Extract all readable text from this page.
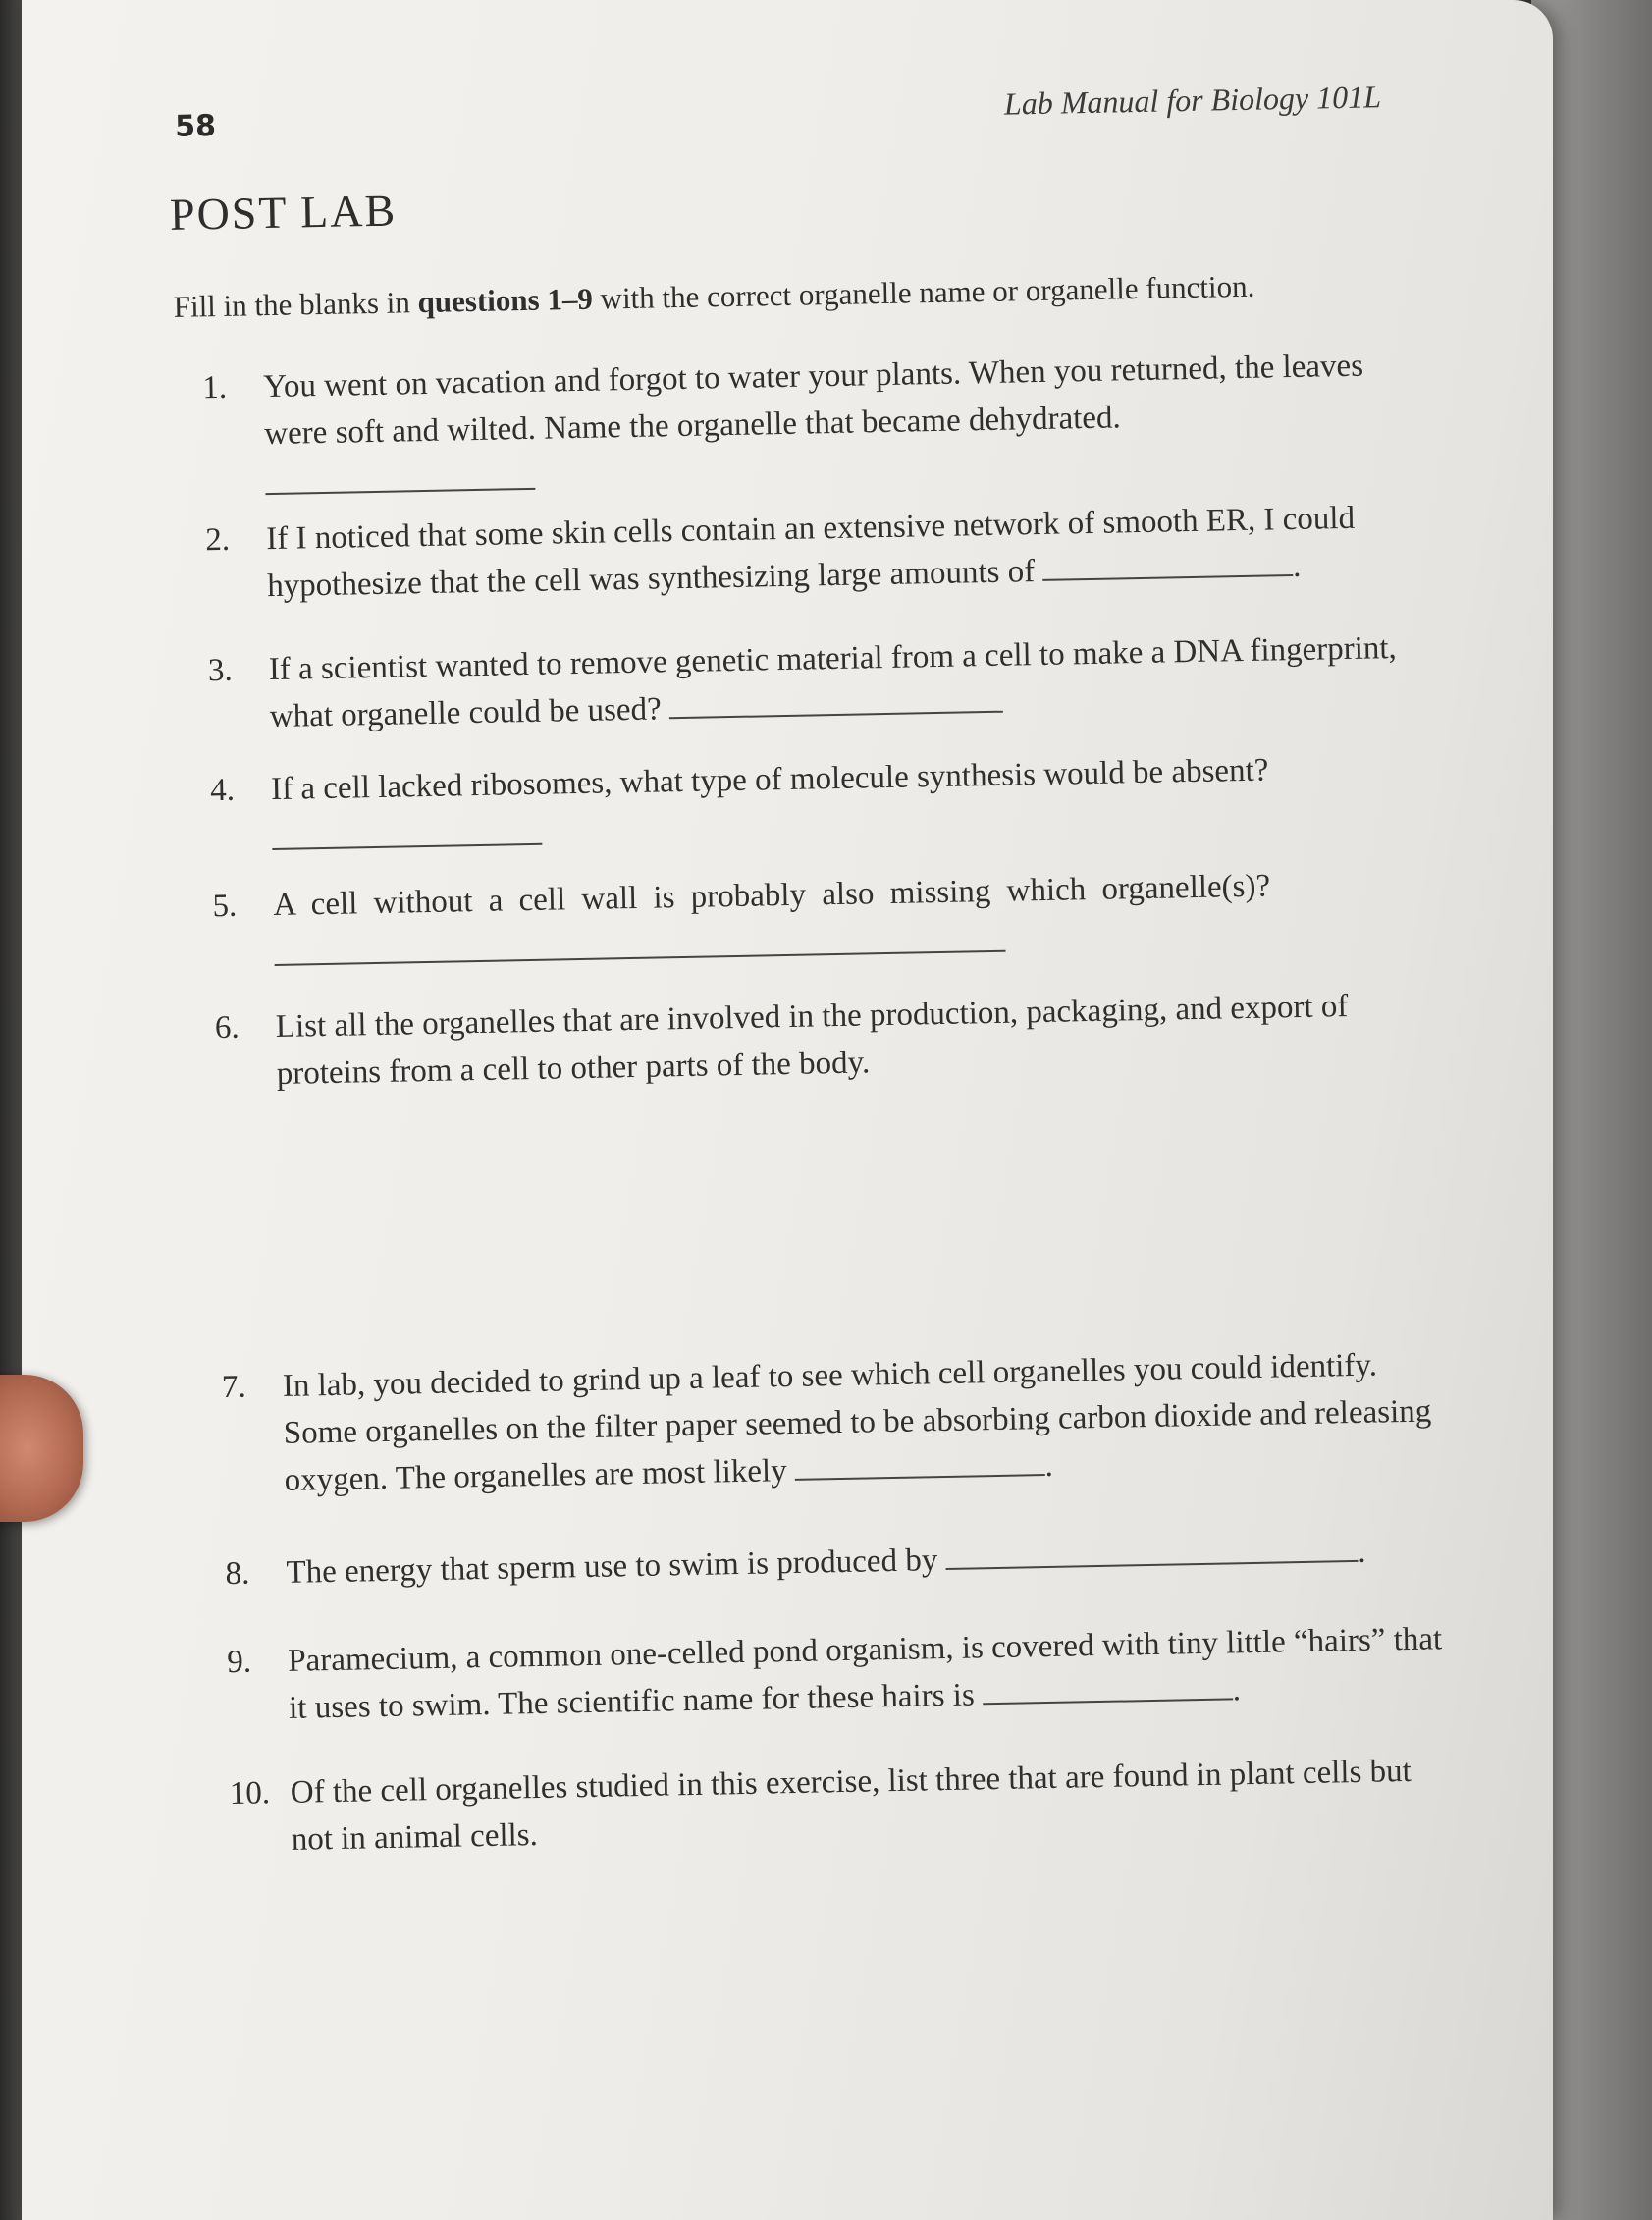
58
Lab Manual for Biology 101L
POST LAB
Fill in the blanks in questions 1–9 with the correct organelle name or organelle function.
1.	You went on vacation and forgot to water your plants. When you returned, the leaves were soft and wilted. Name the organelle that became dehydrated.
2.	If I noticed that some skin cells contain an extensive network of smooth ER, I could hypothesize that the cell was synthesizing large amounts of	.
3.	If a scientist wanted to remove genetic material from a cell to make a DNA fingerprint, what organelle could be used?
4.	If a cell lacked ribosomes, what type of molecule synthesis would be absent?
5.	A cell without a cell wall is probably also missing which organelle(s)?
6.	List all the organelles that are involved in the production, packaging, and export of proteins from a cell to other parts of the body.
7.	In lab, you decided to grind up a leaf to see which cell organelles you could identify. Some organelles on the filter paper seemed to be absorbing carbon dioxide and releasing oxygen. The organelles are most likely	.
8.	The energy that sperm use to swim is produced by	.
9.	Paramecium, a common one-celled pond organism, is covered with tiny little “hairs” that it uses to swim. The scientific name for these hairs is	.
10. Of the cell organelles studied in this exercise, list three that are found in plant cells but not in animal cells.
